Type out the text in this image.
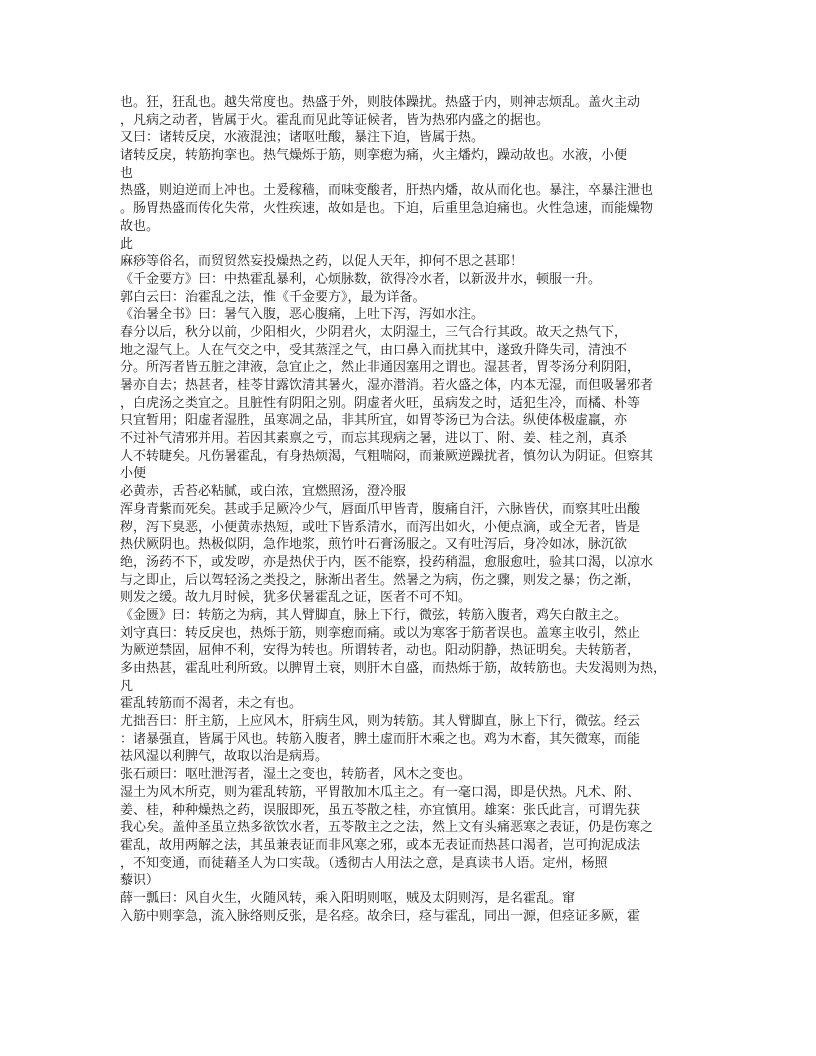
也。狂，狂乱也。越失常度也。热盛于外，则肢体躁扰。热盛于内，则神志烦乱。盖火主动
，凡病之动者，皆属于火。霍乱而见此等证候者，皆为热邪内盛之的据也。
又曰：诸转反戾，水液混浊；诸呕吐酸，暴注下迫，皆属于热。
诸转反戾，转筋拘挛也。热气燥烁于筋，则挛瘛为痛，火主燔灼，躁动故也。水液，小便
也
热盛，则迫逆而上冲也。土爰稼穑，而味变酸者，肝热内燔，故从而化也。暴注，卒暴注泄也
。肠胃热盛而传化失常，火性疾速，故如是也。下迫，后重里急迫痛也。火性急速，而能燥物
故也。
此
麻痧等俗名，而贸贸然妄投燥热之药，以促人天年，抑何不思之甚耶！
《千金要方》曰：中热霍乱暴利，心烦脉数，欲得冷水者，以新汲井水，顿服一升。
郭白云曰：治霍乱之法，惟《千金要方》，最为详备。
《治暑全书》曰：暑气入腹，恶心腹痛，上吐下泻，泻如水注。
春分以后，秋分以前，少阳相火，少阴君火，太阴湿土，三气合行其政。故天之热气下，
地之湿气上。人在气交之中，受其蒸淫之气，由口鼻入而扰其中，遂致升降失司，清浊不
分。所泻者皆五脏之津液，急宜止之，然止非通因塞用之谓也。湿甚者，胃苓汤分利阴阳，
暑亦自去；热甚者，桂苓甘露饮清其暑火，湿亦潜消。若火盛之体，内本无湿，而但吸暑邪者
，白虎汤之类宜之。且脏性有阴阳之别。阴虚者火旺，虽病发之时，适犯生冷，而橘、朴等
只宜暂用；阳虚者湿胜，虽寒凋之品，非其所宜，如胃苓汤已为合法。纵使体极虚羸，亦
不过补气清邪并用。若因其素禀之亏，而忘其现病之暑，进以丁、附、姜、桂之剂，真杀
人不转睫矣。凡伤暑霍乱，有身热烦渴，气粗喘闷，而兼厥逆躁扰者，慎勿认为阴证。但察其
小便
必黄赤，舌苔必粘腻，或白浓，宜燃照汤，澄冷服
浑身青紫而死矣。甚或手足厥冷少气，唇面爪甲皆青，腹痛自汗，六脉皆伏，而察其吐出酸
秽，泻下臭恶，小便黄赤热短，或吐下皆系清水，而泻出如火，小便点滴，或全无者，皆是
热伏厥阴也。热极似阴，急作地浆，煎竹叶石膏汤服之。又有吐泻后，身冷如冰，脉沉欲
绝，汤药不下，或发哕，亦是热伏于内，医不能察，投药稍温，愈服愈吐，验其口渴，以凉水
与之即止，后以驾轻汤之类投之，脉渐出者生。然暑之为病，伤之骤，则发之暴；伤之渐，
则发之缓。故九月时候，犹多伏暑霍乱之证，医者不可不知。
《金匮》曰：转筋之为病，其人臂脚直，脉上下行，微弦，转筋入腹者，鸡矢白散主之。
刘守真曰：转反戾也，热烁于筋，则挛瘛而痛。或以为寒客于筋者误也。盖寒主收引，然止
为厥逆禁固，屈伸不利，安得为转也。所谓转者，动也。阳动阴静，热证明矣。夫转筋者，
多由热甚，霍乱吐利所致。以脾胃土衰，则肝木自盛，而热烁于筋，故转筋也。夫发渴则为热，
凡
霍乱转筋而不渴者，未之有也。
尤拙吾曰：肝主筋，上应风木，肝病生风，则为转筋。其人臂脚直，脉上下行，微弦。经云
：诸暴强直，皆属于风也。转筋入腹者，脾土虚而肝木乘之也。鸡为木畜，其矢微寒，而能
祛风湿以利脾气，故取以治是病焉。
张石顽曰：呕吐泄泻者，湿土之变也，转筋者，风木之变也。
湿土为风木所克，则为霍乱转筋，平胃散加木瓜主之。有一毫口渴，即是伏热。凡术、附、
姜、桂，种种燥热之药，误服即死，虽五苓散之桂，亦宜慎用。雄案：张氏此言，可谓先获
我心矣。盖仲圣虽立热多欲饮水者，五苓散主之之法，然上文有头痛恶寒之表证，仍是伤寒之
霍乱，故用两解之法，其虽兼表证而非风寒之邪，或本无表证而热甚口渴者，岂可拘泥成法
，不知变通，而徒藉圣人为口实哉。（透彻古人用法之意，是真读书人语。定州，杨照
藜识）
薛一瓢曰：风自火生，火随风转，乘入阳明则呕，贼及太阴则泻，是名霍乱。窜
入筋中则挛急，流入脉络则反张，是名痉。故余曰，痉与霍乱，同出一源，但痉证多厥，霍
